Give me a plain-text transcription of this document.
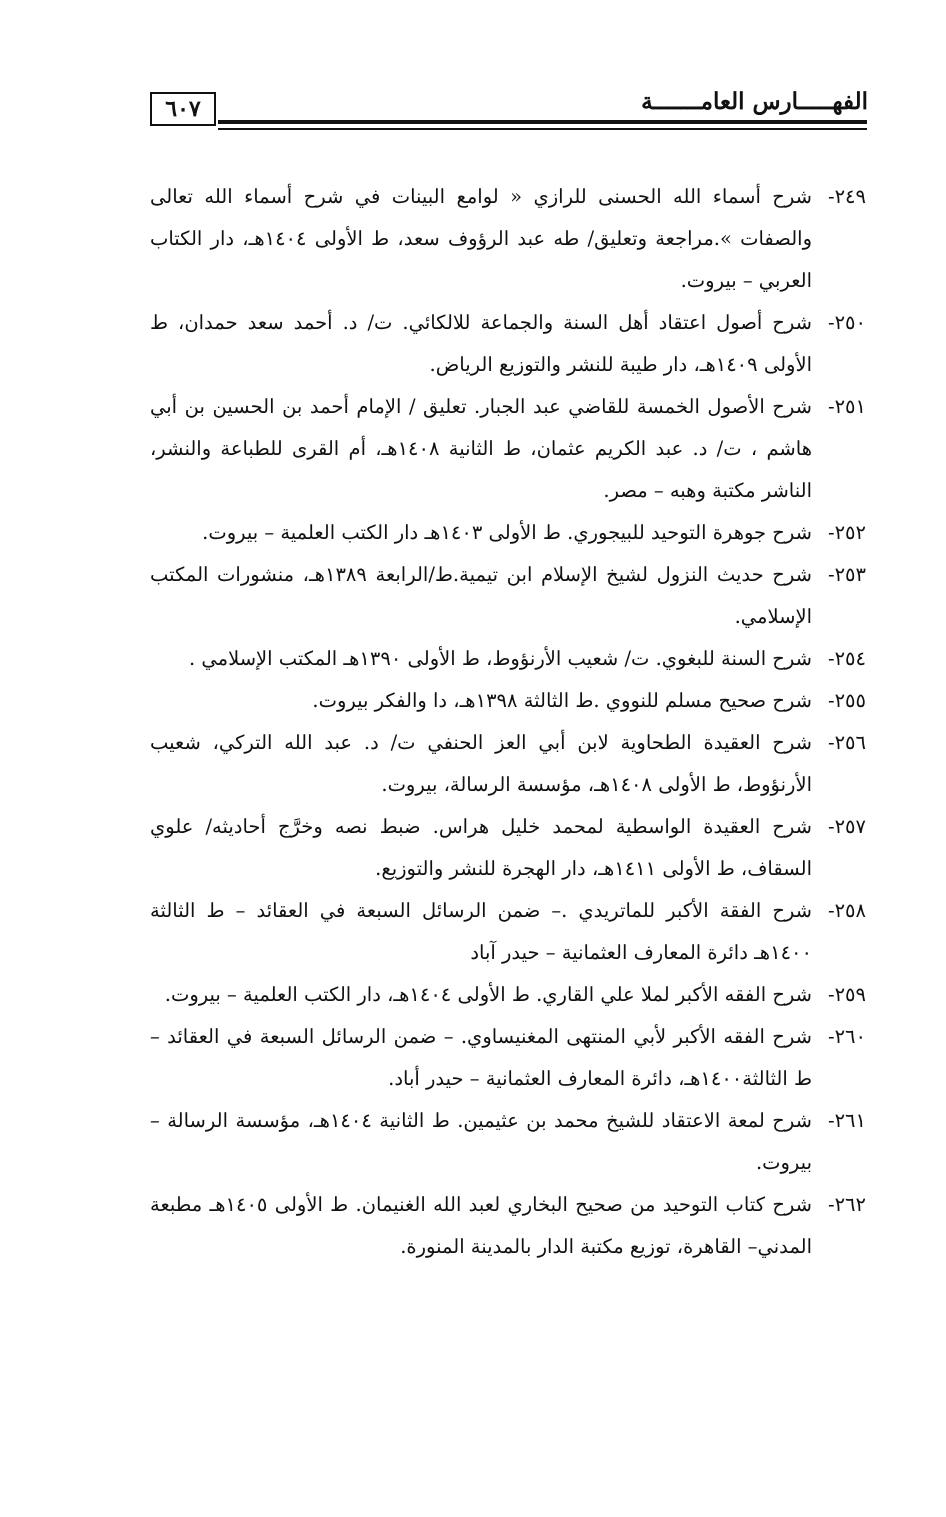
الفهـــــارس العامـــــــة
٦٠٧
٢٤٩-
شرح أسماء الله الحسنى للرازي « لوامع البينات في شرح أسماء الله تعالى والصفات ».مراجعة وتعليق/ طه عبد الرؤوف سعد، ط الأولى ١٤٠٤هـ، دار الكتاب العربي – بيروت.
٢٥٠-
شرح أصول اعتقاد أهل السنة والجماعة للالكائي. ت/ د. أحمد سعد حمدان، ط الأولى ١٤٠٩هـ، دار طيبة للنشر والتوزيع الرياض.
٢٥١-
شرح الأصول الخمسة للقاضي عبد الجبار. تعليق / الإمام أحمد بن الحسين بن أبي هاشم ، ت/ د. عبد الكريم عثمان، ط الثانية ١٤٠٨هـ، أم القرى للطباعة والنشر، الناشر مكتبة وهبه – مصر.
٢٥٢-
شرح جوهرة التوحيد للبيجوري. ط الأولى ١٤٠٣هـ دار الكتب العلمية – بيروت.
٢٥٣-
شرح حديث النزول لشيخ الإسلام ابن تيمية.ط/الرابعة ١٣٨٩هـ، منشورات المكتب الإسلامي.
٢٥٤-
شرح السنة للبغوي. ت/ شعيب الأرنؤوط، ط الأولى ١٣٩٠هـ المكتب الإسلامي .
٢٥٥-
شرح صحيح مسلم للنووي .ط الثالثة ١٣٩٨هـ، دا والفكر بيروت.
٢٥٦-
شرح العقيدة الطحاوية لابن أبي العز الحنفي ت/ د. عبد الله التركي، شعيب الأرنؤوط، ط الأولى ١٤٠٨هـ، مؤسسة الرسالة، بيروت.
٢٥٧-
شرح العقيدة الواسطية لمحمد خليل هراس. ضبط نصه وخرَّج أحاديثه/ علوي السقاف، ط الأولى ١٤١١هـ، دار الهجرة للنشر والتوزيع.
٢٥٨-
شرح الفقة الأكبر للماتريدي .– ضمن الرسائل السبعة في العقائد – ط الثالثة ١٤٠٠هـ دائرة المعارف العثمانية – حيدر آباد
٢٥٩-
شرح الفقه الأكبر لملا علي القاري. ط الأولى ١٤٠٤هـ، دار الكتب العلمية – بيروت.
٢٦٠-
شرح الفقه الأكبر لأبي المنتهى المغنيساوي. – ضمن الرسائل السبعة في العقائد – ط الثالثة١٤٠٠هـ، دائرة المعارف العثمانية – حيدر أباد.
٢٦١-
شرح لمعة الاعتقاد للشيخ محمد بن عثيمين. ط الثانية ١٤٠٤هـ، مؤسسة الرسالة – بيروت.
٢٦٢-
شرح كتاب التوحيد من صحيح البخاري لعبد الله الغنيمان. ط الأولى ١٤٠٥هـ مطبعة المدني– القاهرة، توزيع مكتبة الدار بالمدينة المنورة.
